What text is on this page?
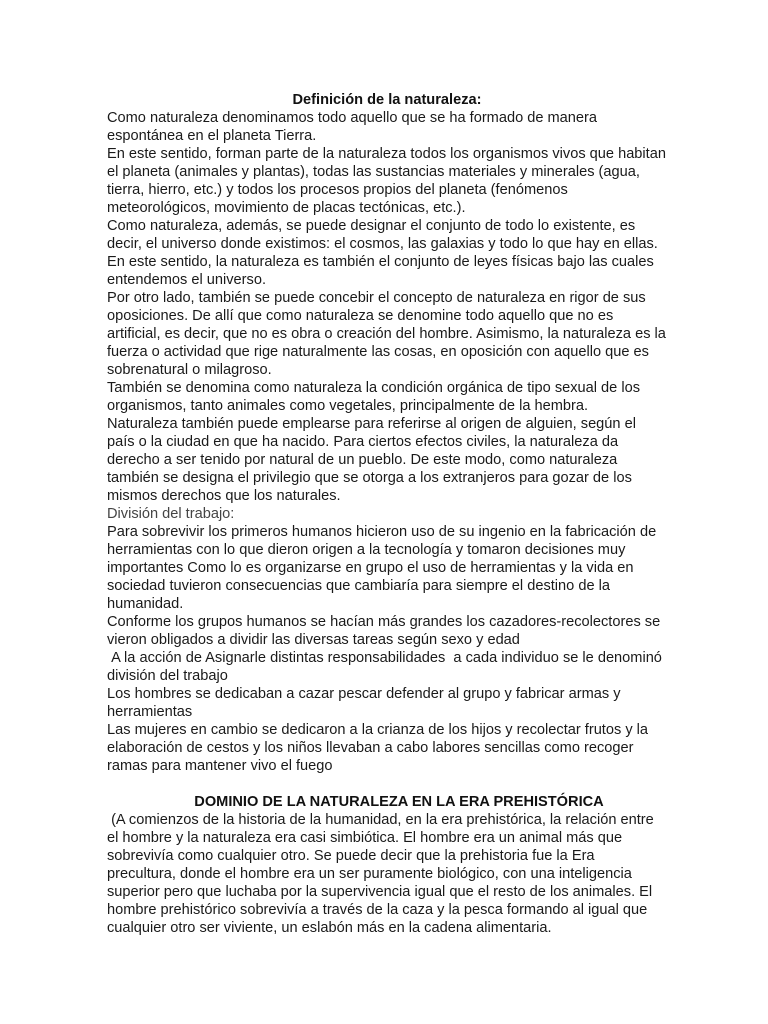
Definición de la naturaleza:

Como naturaleza denominamos todo aquello que se ha formado de manera espontánea en el planeta Tierra.

En este sentido, forman parte de la naturaleza todos los organismos vivos que habitan el planeta (animales y plantas), todas las sustancias materiales y minerales (agua, tierra, hierro, etc.) y todos los procesos propios del planeta (fenómenos meteorológicos, movimiento de placas tectónicas, etc.).

Como naturaleza, además, se puede designar el conjunto de todo lo existente, es decir, el universo donde existimos: el cosmos, las galaxias y todo lo que hay en ellas. En este sentido, la naturaleza es también el conjunto de leyes físicas bajo las cuales entendemos el universo.

Por otro lado, también se puede concebir el concepto de naturaleza en rigor de sus oposiciones. De allí que como naturaleza se denomine todo aquello que no es artificial, es decir, que no es obra o creación del hombre. Asimismo, la naturaleza es la fuerza o actividad que rige naturalmente las cosas, en oposición con aquello que es sobrenatural o milagroso.

También se denomina como naturaleza la condición orgánica de tipo sexual de los organismos, tanto animales como vegetales, principalmente de la hembra.

Naturaleza también puede emplearse para referirse al origen de alguien, según el país o la ciudad en que ha nacido. Para ciertos efectos civiles, la naturaleza da derecho a ser tenido por natural de un pueblo. De este modo, como naturaleza también se designa el privilegio que se otorga a los extranjeros para gozar de los mismos derechos que los naturales.

División del trabajo:

Para sobrevivir los primeros humanos hicieron uso de su ingenio en la fabricación de herramientas con lo que dieron origen a la tecnología y tomaron decisiones muy importantes Como lo es organizarse en grupo el uso de herramientas y la vida en sociedad tuvieron consecuencias que cambiaría para siempre el destino de la humanidad.

Conforme los grupos humanos se hacían más grandes los cazadores-recolectores se vieron obligados a dividir las diversas tareas según sexo y edad

A la acción de Asignarle distintas responsabilidades  a cada individuo se le denominó división del trabajo

Los hombres se dedicaban a cazar pescar defender al grupo y fabricar armas y herramientas

Las mujeres en cambio se dedicaron a la crianza de los hijos y recolectar frutos y la elaboración de cestos y los niños llevaban a cabo labores sencillas como recoger ramas para mantener vivo el fuego

DOMINIO DE LA NATURALEZA EN LA ERA PREHISTÓRICA

(A comienzos de la historia de la humanidad, en la era prehistórica, la relación entre el hombre y la naturaleza era casi simbiótica. El hombre era un animal más que sobrevivía como cualquier otro. Se puede decir que la prehistoria fue la Era precultura, donde el hombre era un ser puramente biológico, con una inteligencia superior pero que luchaba por la supervivencia igual que el resto de los animales. El hombre prehistórico sobrevivía a través de la caza y la pesca formando al igual que cualquier otro ser viviente, un eslabón más en la cadena alimentaria.
